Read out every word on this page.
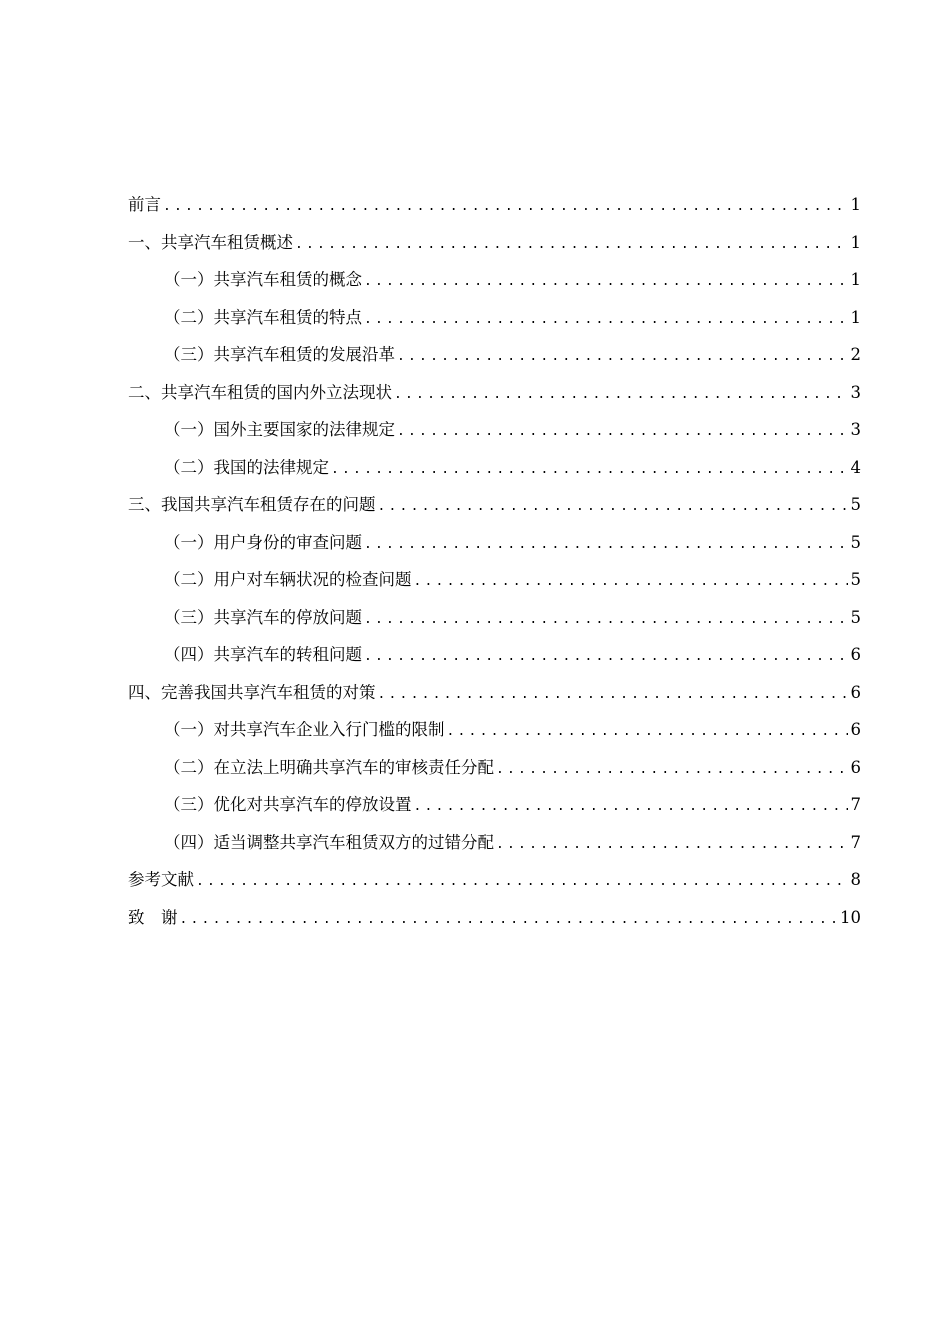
前言 .....	1
一、共享汽车租赁概述 .....	1
（一）共享汽车租赁的概念 .....	1
（二）共享汽车租赁的特点 .....	1
（三）共享汽车租赁的发展沿革 .....	2
二、共享汽车租赁的国内外立法现状 .....	3
（一）国外主要国家的法律规定 .....	3
（二）我国的法律规定 .....	4
三、我国共享汽车租赁存在的问题 .....	5
（一）用户身份的审查问题 .....	5
（二）用户对车辆状况的检查问题 .....	5
（三）共享汽车的停放问题 .....	5
（四）共享汽车的转租问题 .....	6
四、完善我国共享汽车租赁的对策 .....	6
（一）对共享汽车企业入行门槛的限制 .....	6
（二）在立法上明确共享汽车的审核责任分配 .....	6
（三）优化对共享汽车的停放设置 .....	7
（四）适当调整共享汽车租赁双方的过错分配 .....	7
参考文献 .....	8
致　谢 .....	10
